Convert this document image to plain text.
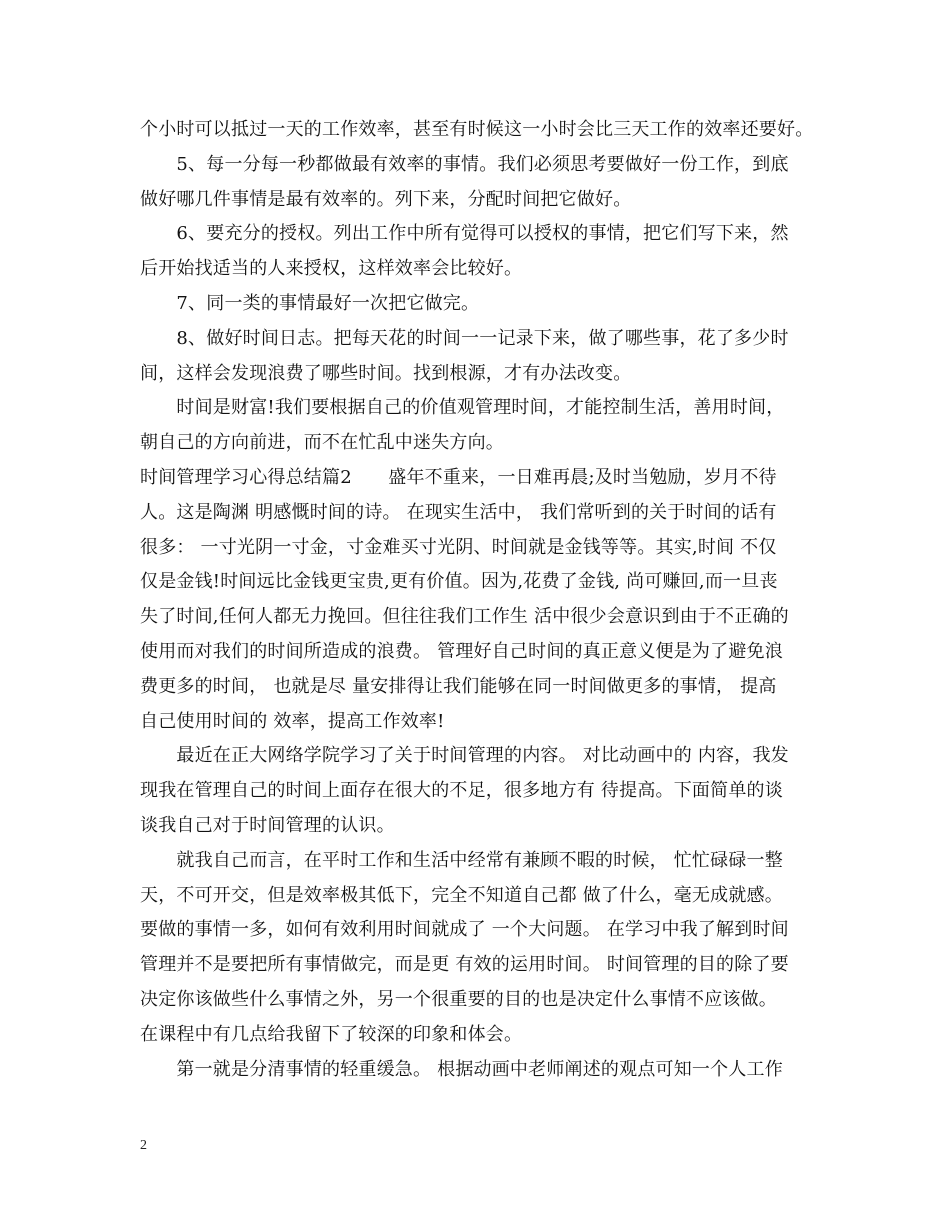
个小时可以抵过一天的工作效率，甚至有时候这一小时会比三天工作的效率还要好。
　　5、每一分每一秒都做最有效率的事情。我们必须思考要做好一份工作，到底
做好哪几件事情是最有效率的。列下来，分配时间把它做好。
　　6、要充分的授权。列出工作中所有觉得可以授权的事情，把它们写下来，然
后开始找适当的人来授权，这样效率会比较好。
　　7、同一类的事情最好一次把它做完。
　　8、做好时间日志。把每天花的时间一一记录下来，做了哪些事，花了多少时
间，这样会发现浪费了哪些时间。找到根源，才有办法改变。
　　时间是财富!我们要根据自己的价值观管理时间，才能控制生活，善用时间，
朝自己的方向前进，而不在忙乱中迷失方向。
时间管理学习心得总结篇2　　盛年不重来，一日难再晨;及时当勉励，岁月不待
人。这是陶渊 明感慨时间的诗。 在现实生活中， 我们常听到的关于时间的话有
很多： 一寸光阴一寸金，寸金难买寸光阴、时间就是金钱等等。其实,时间 不仅
仅是金钱!时间远比金钱更宝贵,更有价值。因为,花费了金钱, 尚可赚回,而一旦丧
失了时间,任何人都无力挽回。但往往我们工作生 活中很少会意识到由于不正确的
使用而对我们的时间所造成的浪费。 管理好自己时间的真正意义便是为了避免浪
费更多的时间， 也就是尽 量安排得让我们能够在同一时间做更多的事情， 提高
自己使用时间的 效率，提高工作效率!
　　最近在正大网络学院学习了关于时间管理的内容。 对比动画中的 内容，我发
现我在管理自己的时间上面存在很大的不足，很多地方有 待提高。下面简单的谈
谈我自己对于时间管理的认识。
　　就我自己而言，在平时工作和生活中经常有兼顾不暇的时候， 忙忙碌碌一整
天，不可开交，但是效率极其低下，完全不知道自己都 做了什么，毫无成就感。
要做的事情一多，如何有效利用时间就成了 一个大问题。 在学习中我了解到时间
管理并不是要把所有事情做完，而是更 有效的运用时间。 时间管理的目的除了要
决定你该做些什么事情之外，另一个很重要的目的也是决定什么事情不应该做。
在课程中有几点给我留下了较深的印象和体会。
　　第一就是分清事情的轻重缓急。 根据动画中老师阐述的观点可知一个人工作
2
